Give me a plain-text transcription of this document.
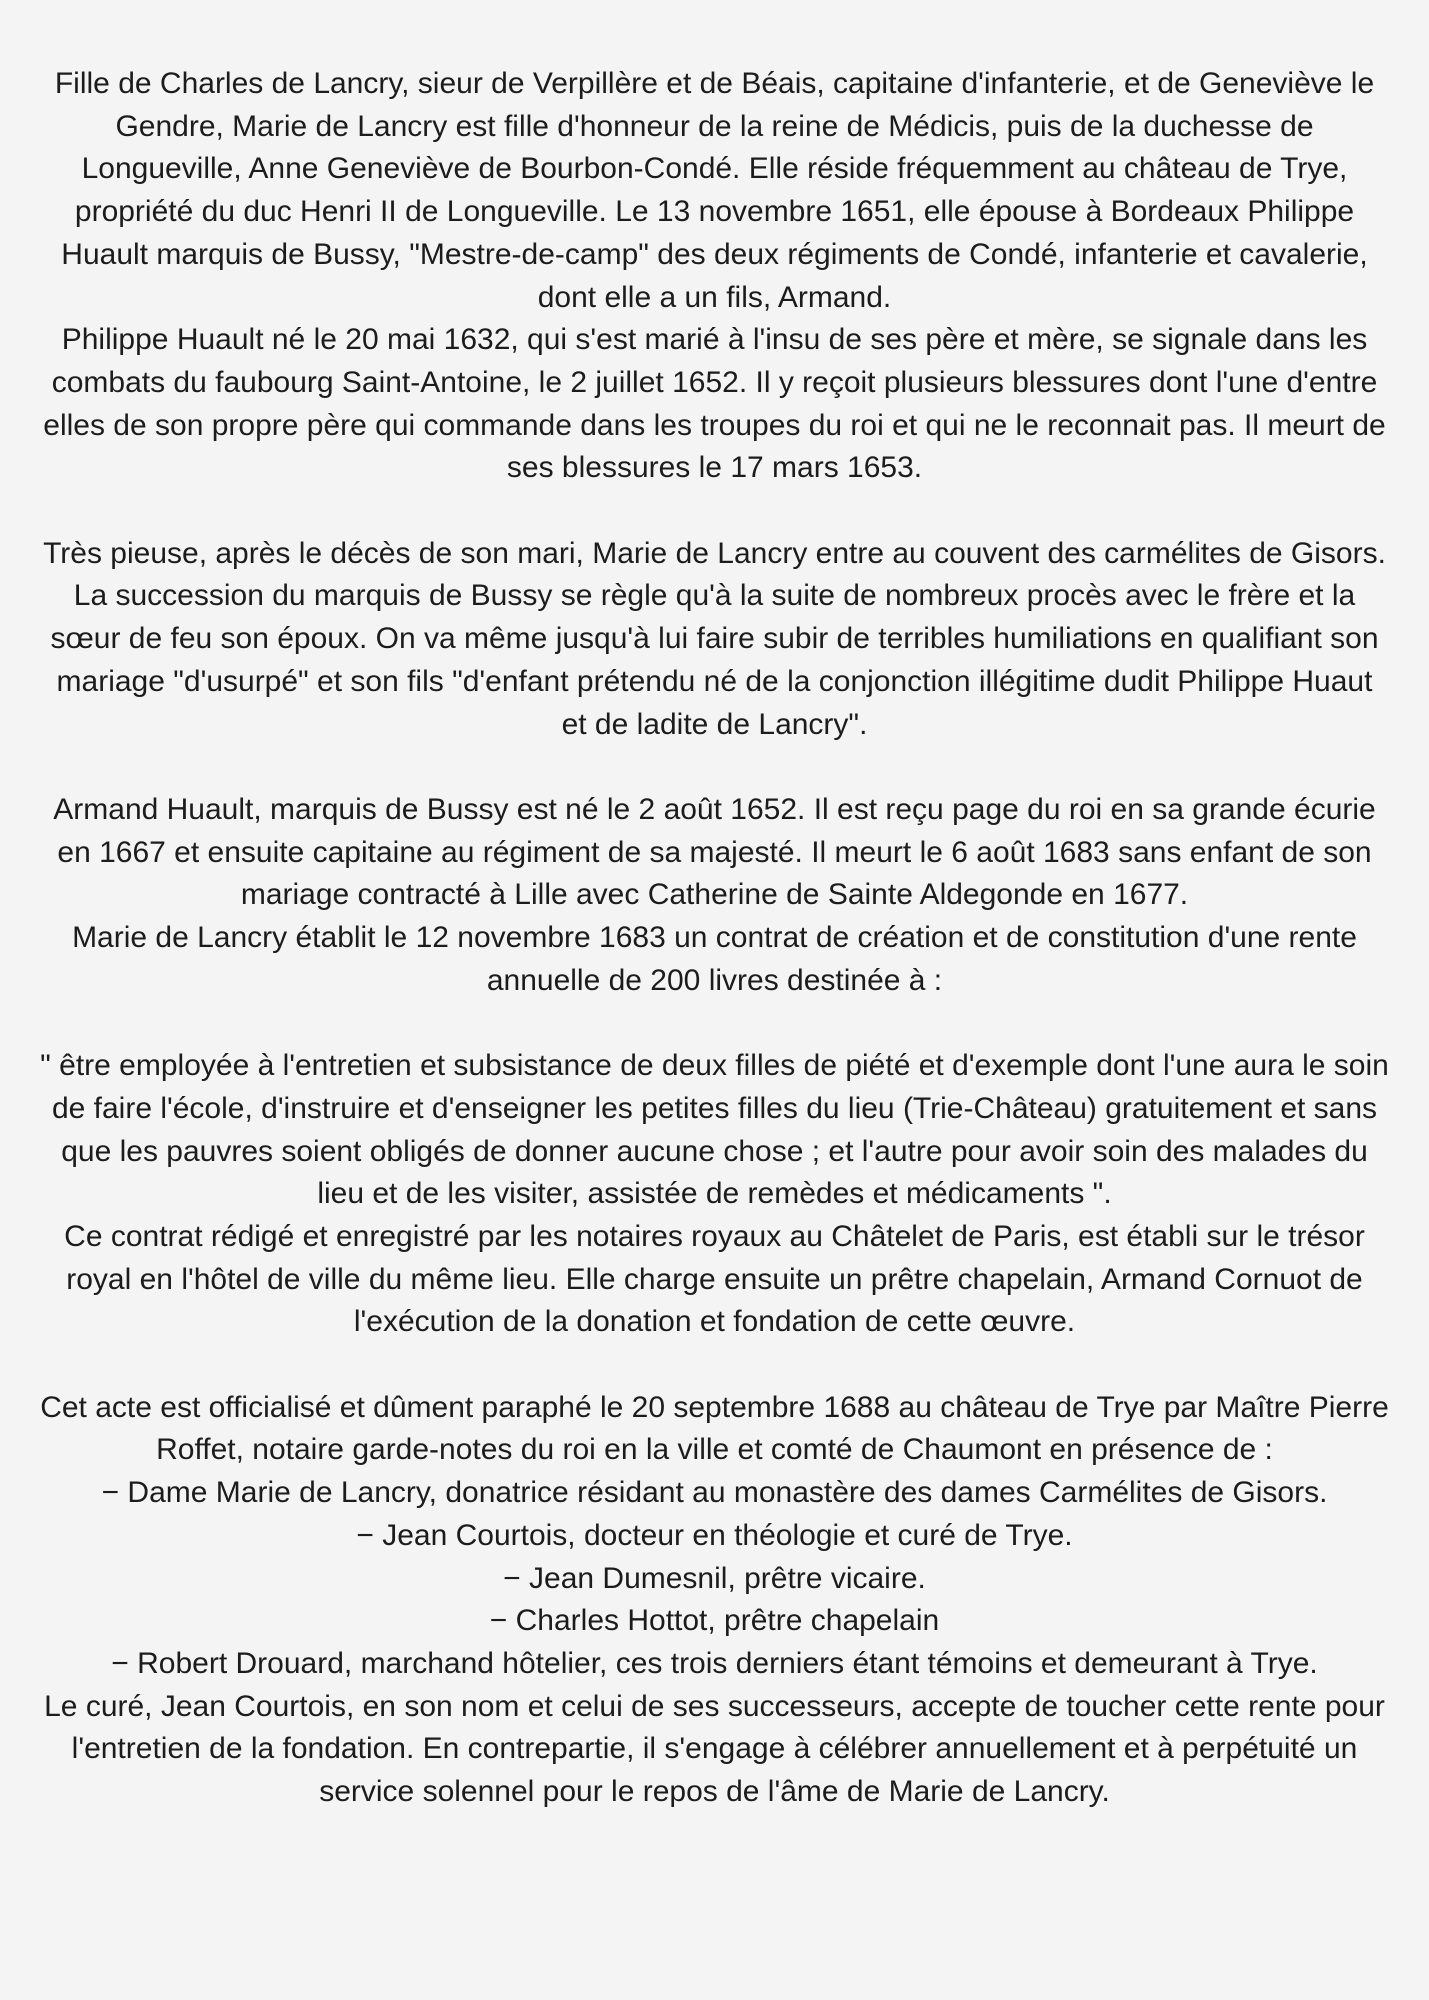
Fille de Charles de Lancry, sieur de Verpillère et de Béais, capitaine d'infanterie, et de Geneviève le Gendre, Marie de Lancry est fille d'honneur de la reine de Médicis, puis de la duchesse de Longueville, Anne Geneviève de Bourbon-Condé. Elle réside fréquemment au château de Trye, propriété du duc Henri II de Longueville. Le 13 novembre 1651, elle épouse à Bordeaux Philippe Huault marquis de Bussy, "Mestre-de-camp" des deux régiments de Condé, infanterie et cavalerie, dont elle a un fils, Armand.

Philippe Huault né le 20 mai 1632, qui s'est marié à l'insu de ses père et mère, se signale dans les combats du faubourg Saint-Antoine, le 2 juillet 1652. Il y reçoit plusieurs blessures dont l'une d'entre elles de son propre père qui commande dans les troupes du roi et qui ne le reconnait pas. Il meurt de ses blessures le 17 mars 1653.

Très pieuse, après le décès de son mari, Marie de Lancry entre au couvent des carmélites de Gisors. La succession du marquis de Bussy se règle qu'à la suite de nombreux procès avec le frère et la sœur de feu son époux. On va même jusqu'à lui faire subir de terribles humiliations en qualifiant son mariage "d'usurpé" et son fils "d'enfant prétendu né de la conjonction illégitime dudit Philippe Huaut et de ladite de Lancry".

Armand Huault, marquis de Bussy est né le 2 août 1652. Il est reçu page du roi en sa grande écurie en 1667 et ensuite capitaine au régiment de sa majesté. Il meurt le 6 août 1683 sans enfant de son mariage contracté à Lille avec Catherine de Sainte Aldegonde en 1677.

Marie de Lancry établit le 12 novembre 1683 un contrat de création et de constitution d'une rente annuelle de 200 livres destinée à :

" être employée à l'entretien et subsistance de deux filles de piété et d'exemple dont l'une aura le soin de faire l'école, d'instruire et d'enseigner les petites filles du lieu (Trie-Château) gratuitement et sans que les pauvres soient obligés de donner aucune chose ; et l'autre pour avoir soin des malades du lieu et de les visiter, assistée de remèdes et médicaments ".

Ce contrat rédigé et enregistré par les notaires royaux au Châtelet de Paris, est établi sur le trésor royal en l'hôtel de ville du même lieu. Elle charge ensuite un prêtre chapelain, Armand Cornuot de l'exécution de la donation et fondation de cette œuvre.

Cet acte est officialisé et dûment paraphé le 20 septembre 1688 au château de Trye par Maître Pierre Roffet, notaire garde-notes du roi en la ville et comté de Chaumont en présence de :

− Dame Marie de Lancry, donatrice résidant au monastère des dames Carmélites de Gisors.

− Jean Courtois, docteur en théologie et curé de Trye.

− Jean Dumesnil, prêtre vicaire.

− Charles Hottot, prêtre chapelain

− Robert Drouard, marchand hôtelier, ces trois derniers étant témoins et demeurant à Trye.

Le curé, Jean Courtois, en son nom et celui de ses successeurs, accepte de toucher cette rente pour l'entretien de la fondation. En contrepartie, il s'engage à célébrer annuellement et à perpétuité un service solennel pour le repos de l'âme de Marie de Lancry.
